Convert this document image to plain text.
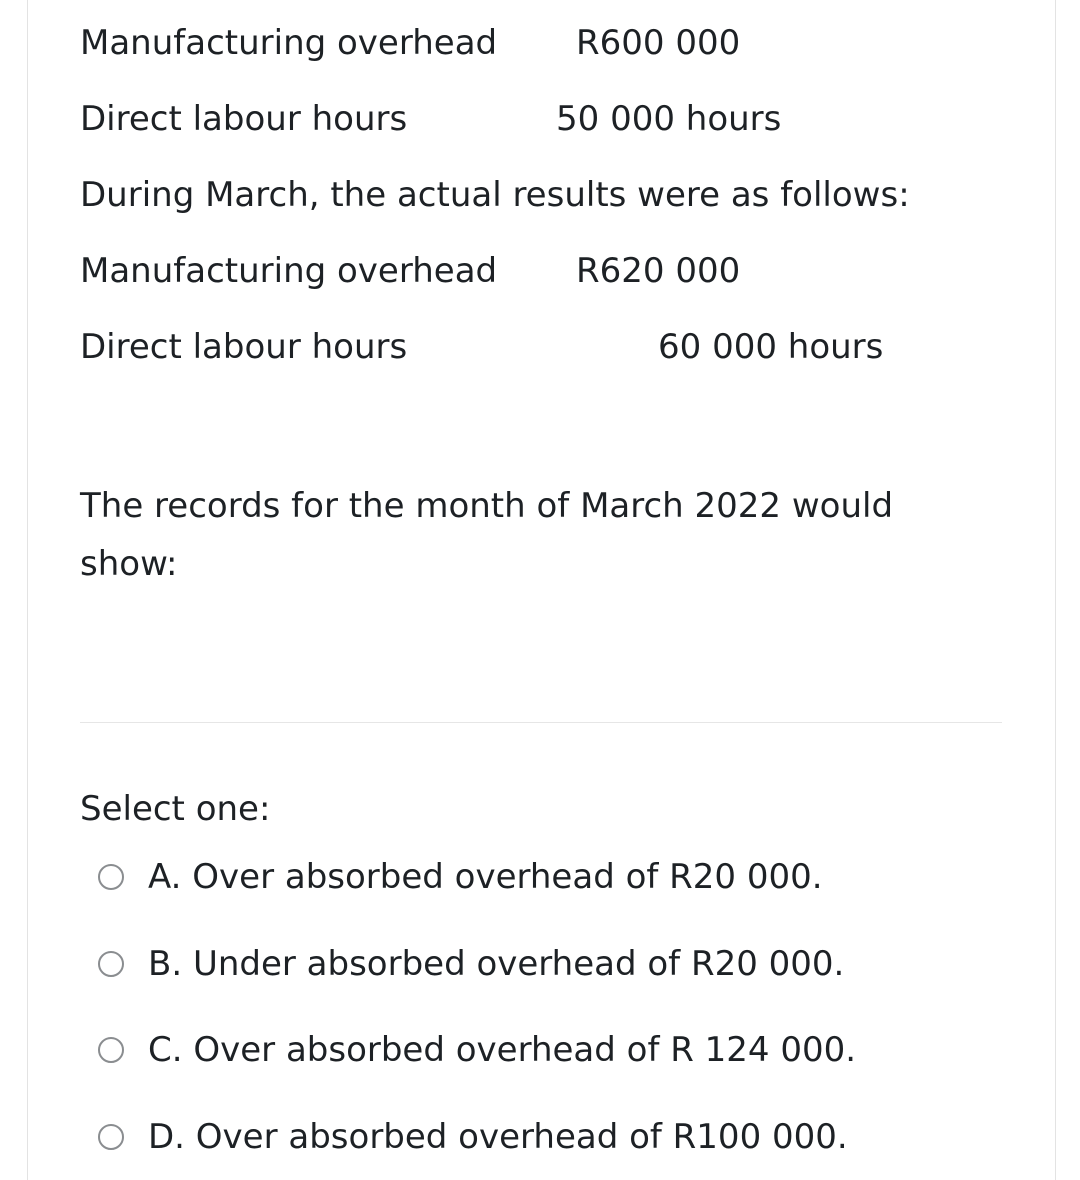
Manufacturing overhead R600 000

Direct labour hours	50 000 hours

During March, the actual results were as follows:

Manufacturing overhead R620 000

Direct labour hours	60 000 hours

The records for the month of March 2022 would show:

Select one:

A. Over absorbed overhead of R20 000.
B. Under absorbed overhead of R20 000.
C. Over absorbed overhead of R 124 000.
D. Over absorbed overhead of R100 000.
